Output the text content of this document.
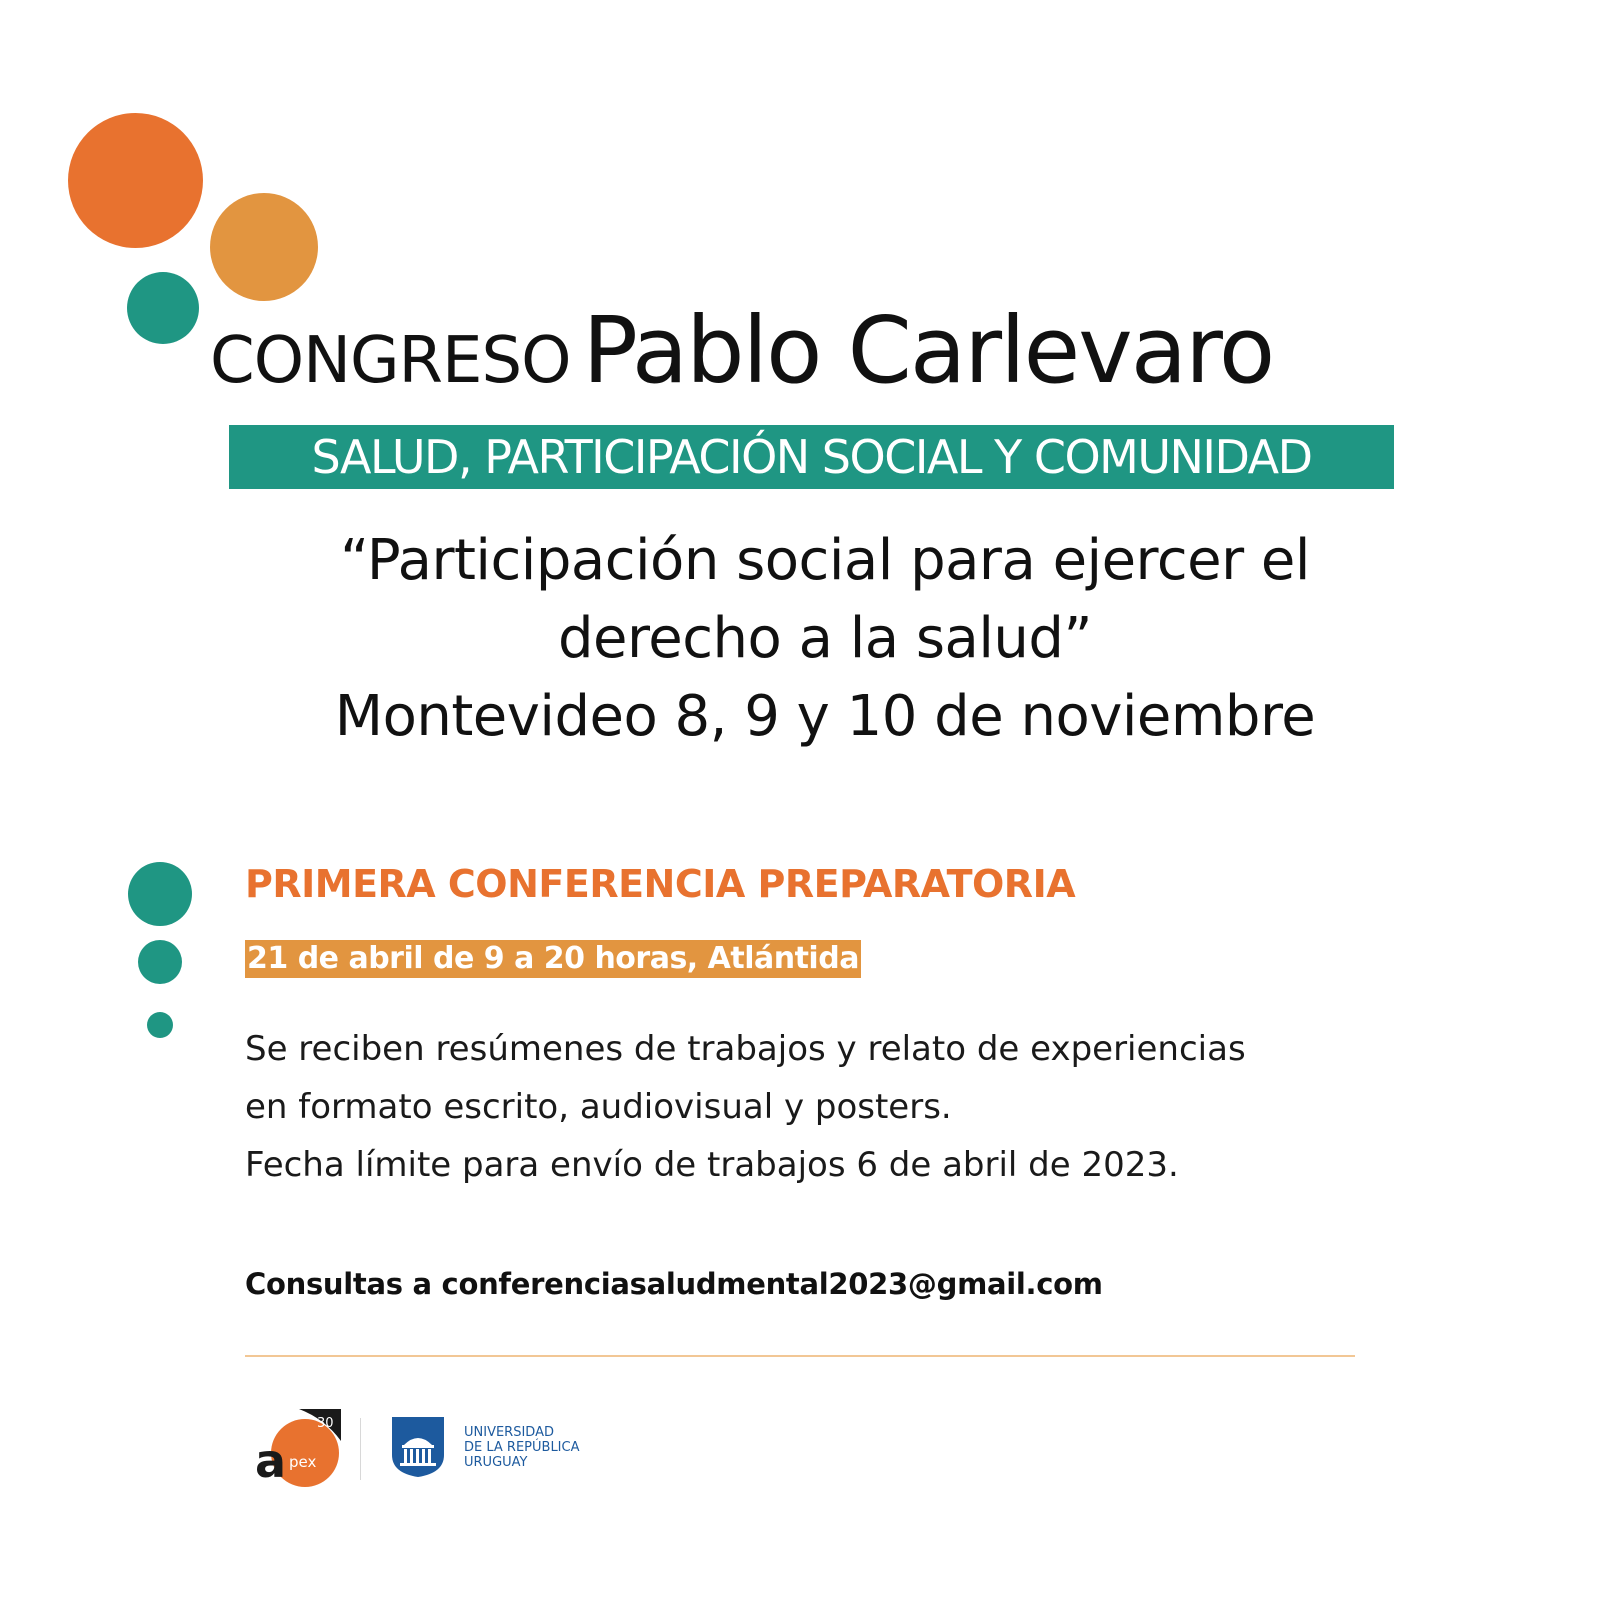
CONGRESO Pablo Carlevaro
SALUD, PARTICIPACIÓN SOCIAL Y COMUNIDAD
“Participación social para ejercer el
derecho a la salud”
Montevideo 8, 9 y 10 de noviembre
PRIMERA CONFERENCIA PREPARATORIA
21 de abril de 9 a 20 horas, Atlántida
Se reciben resúmenes de trabajos y relato de experiencias
en formato escrito, audiovisual y posters.
Fecha límite para envío de trabajos 6 de abril de 2023.
Consultas a conferenciasaludmental2023@gmail.com
30
a pex
UNIVERSIDAD
DE LA REPÚBLICA
URUGUAY
